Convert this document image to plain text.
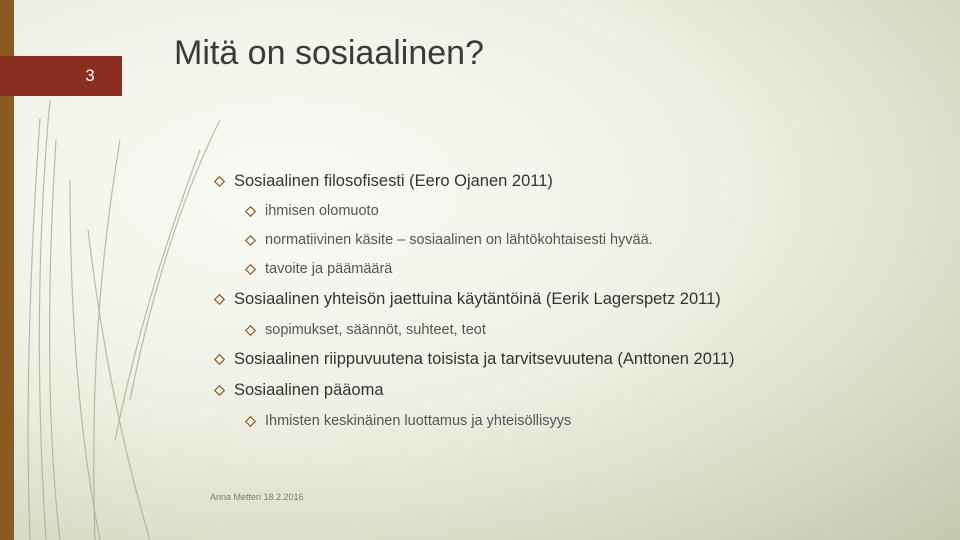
3
Mitä on sosiaalinen?
Sosiaalinen filosofisesti (Eero Ojanen 2011)
ihmisen olomuoto
normatiivinen käsite – sosiaalinen on lähtökohtaisesti hyvää.
tavoite ja päämäärä
Sosiaalinen yhteisön jaettuina käytäntöinä (Eerik Lagerspetz 2011)
sopimukset, säännöt, suhteet, teot
Sosiaalinen riippuvuutena toisista ja tarvitsevuutena (Anttonen 2011)
Sosiaalinen pääoma
Ihmisten keskinäinen luottamus ja yhteisöllisyys
Anna Metteri 18.2.2016
